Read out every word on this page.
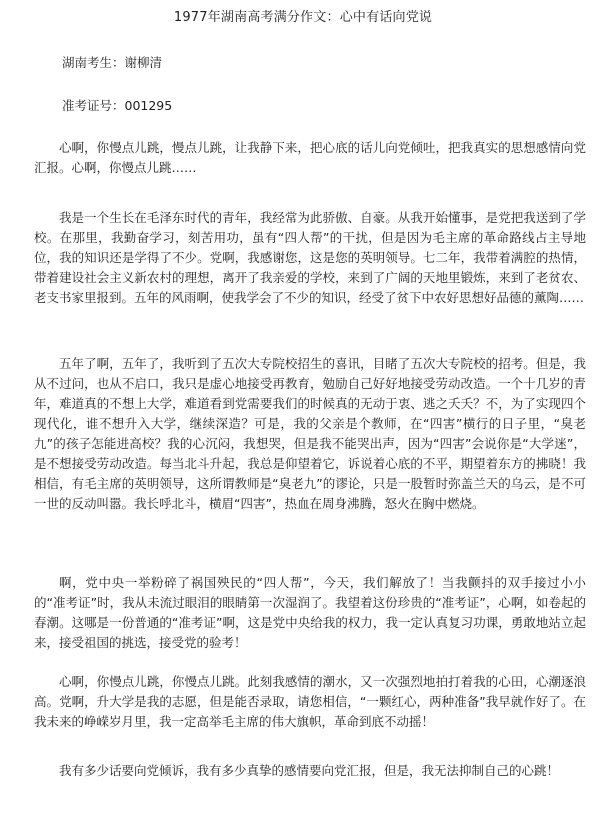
1977年湖南高考满分作文：心中有话向党说
湖南考生：谢柳清
准考证号：001295

心啊，你慢点儿跳，慢点儿跳，让我静下来，把心底的话儿向党倾吐，把我真实的思想感情向党汇报。心啊，你慢点儿跳……

我是一个生长在毛泽东时代的青年，我经常为此骄傲、自豪。从我开始懂事，是党把我送到了学校。在那里，我勤奋学习，刻苦用功，虽有“四人帮”的干扰，但是因为毛主席的革命路线占主导地位，我的知识还是学得了不少。党啊，我感谢您，这是您的英明领导。七二年，我带着满腔的热情，带着建设社会主义新农村的理想，离开了我亲爱的学校，来到了广阔的天地里锻炼，来到了老贫农、老支书家里报到。五年的风雨啊，使我学会了不少的知识，经受了贫下中农好思想好品德的薰陶……

五年了啊，五年了，我听到了五次大专院校招生的喜讯，目睹了五次大专院校的招考。但是，我从不过问，也从不启口，我只是虚心地接受再教育，勉励自己好好地接受劳动改造。一个十几岁的青年，难道真的不想上大学，难道看到党需要我们的时候真的无动于衷、逃之夭夭？不，为了实现四个现代化，谁不想升入大学，继续深造？可是，我的父亲是个教师，在“四害”横行的日子里，“臭老九”的孩子怎能进高校？我的心沉闷，我想哭，但是我不能哭出声，因为“四害”会说你是“大学迷”，是不想接受劳动改造。每当北斗升起，我总是仰望着它，诉说着心底的不平，期望着东方的拂晓！我相信，有毛主席的英明领导，这所谓教师是“臭老九”的谬论，只是一股暂时弥盖兰天的乌云，是不可一世的反动叫嚣。我长呼北斗，横眉“四害”，热血在周身沸腾，怒火在胸中燃烧。

啊，党中央一举粉碎了祸国殃民的“四人帮”，今天，我们解放了！当我颤抖的双手接过小小的“准考证”时，我从未流过眼泪的眼睛第一次湿润了。我望着这份珍贵的“准考证”，心啊，如卷起的春潮。这哪是一份普通的“准考证”啊，这是党中央给我的权力，我一定认真复习功课，勇敢地站立起来，接受祖国的挑选，接受党的验考！

心啊，你慢点儿跳，你慢点儿跳。此刻我感情的潮水，又一次强烈地拍打着我的心田，心潮逐浪高。党啊，升大学是我的志愿，但是能否录取，请您相信，“一颗红心，两种准备”我早就作好了。在我未来的峥嵘岁月里，我一定高举毛主席的伟大旗帜，革命到底不动摇！

我有多少话要向党倾诉，我有多少真挚的感情要向党汇报，但是，我无法抑制自己的心跳！
